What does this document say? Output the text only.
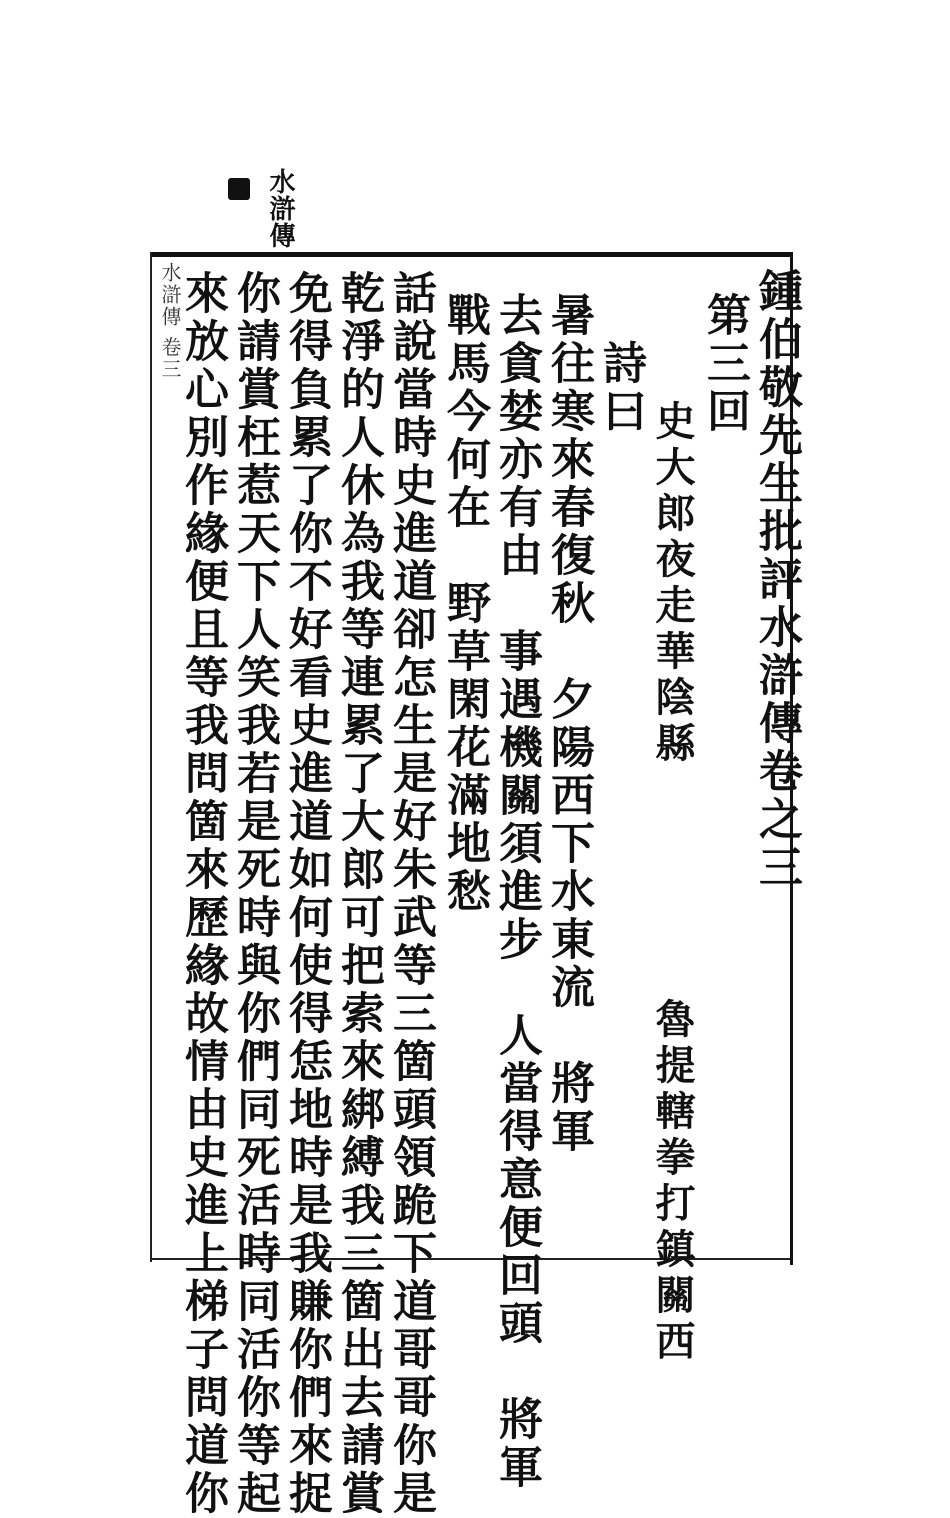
水滸傳
水滸傳 卷三	鍾伯敬先生批評水滸傳卷之三
第三回
史大郎夜走華陰縣　　　　　魯提轄拳打鎮關西
詩曰
暑往寒來春復秋　夕陽西下水東流　將軍
去貪婪亦有由　事遇機關須進步　人當得意便回頭　將軍
戰馬今何在　野草閑花滿地愁
話說當時史進道卻怎生是好朱武等三箇頭領跪下道哥哥你是
乾淨的人休為我等連累了大郎可把索來綁縛我三箇出去請賞
免得負累了你不好看史進道如何使得恁地時是我賺你們來捉
你請賞枉惹天下人笑我若是死時與你們同死活時同活你等起
來放心別作緣便且等我問箇來歷緣故情由史進上梯子問道你
